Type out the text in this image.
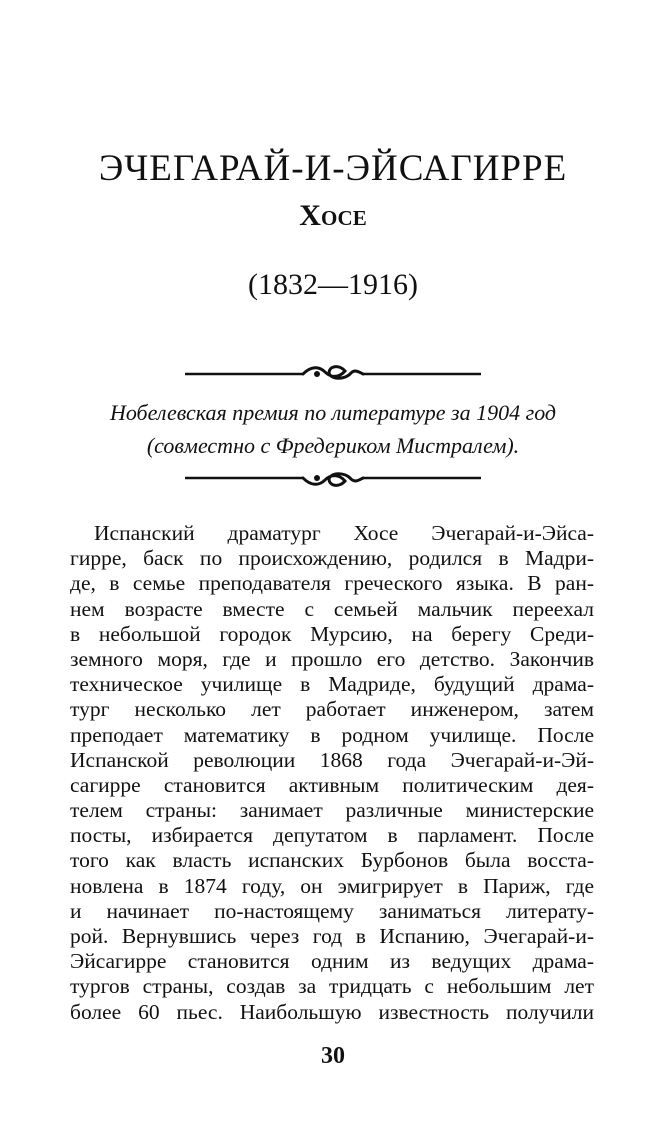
ЭЧЕГАРАЙ-И-ЭЙСАГИРРЕ
Хосе
(1832—1916)
Нобелевская премия по литературе за 1904 год
(совместно с Фредериком Мистралем).
Испанский драматург Хосе Эчегарай-и-Эйса-
гирре, баск по происхождению, родился в Мадри-
де, в семье преподавателя греческого языка. В ран-
нем возрасте вместе с семьей мальчик переехал
в небольшой городок Мурсию, на берегу Среди-
земного моря, где и прошло его детство. Закончив
техническое училище в Мадриде, будущий драма-
тург несколько лет работает инженером, затем
преподает математику в родном училище. После
Испанской революции 1868 года Эчегарай-и-Эй-
сагирре становится активным политическим дея-
телем страны: занимает различные министерские
посты, избирается депутатом в парламент. После
того как власть испанских Бурбонов была восста-
новлена в 1874 году, он эмигрирует в Париж, где
и начинает по-настоящему заниматься литерату-
рой. Вернувшись через год в Испанию, Эчегарай-и-
Эйсагирре становится одним из ведущих драма-
тургов страны, создав за тридцать с небольшим лет
более 60 пьес. Наибольшую известность получили
30
